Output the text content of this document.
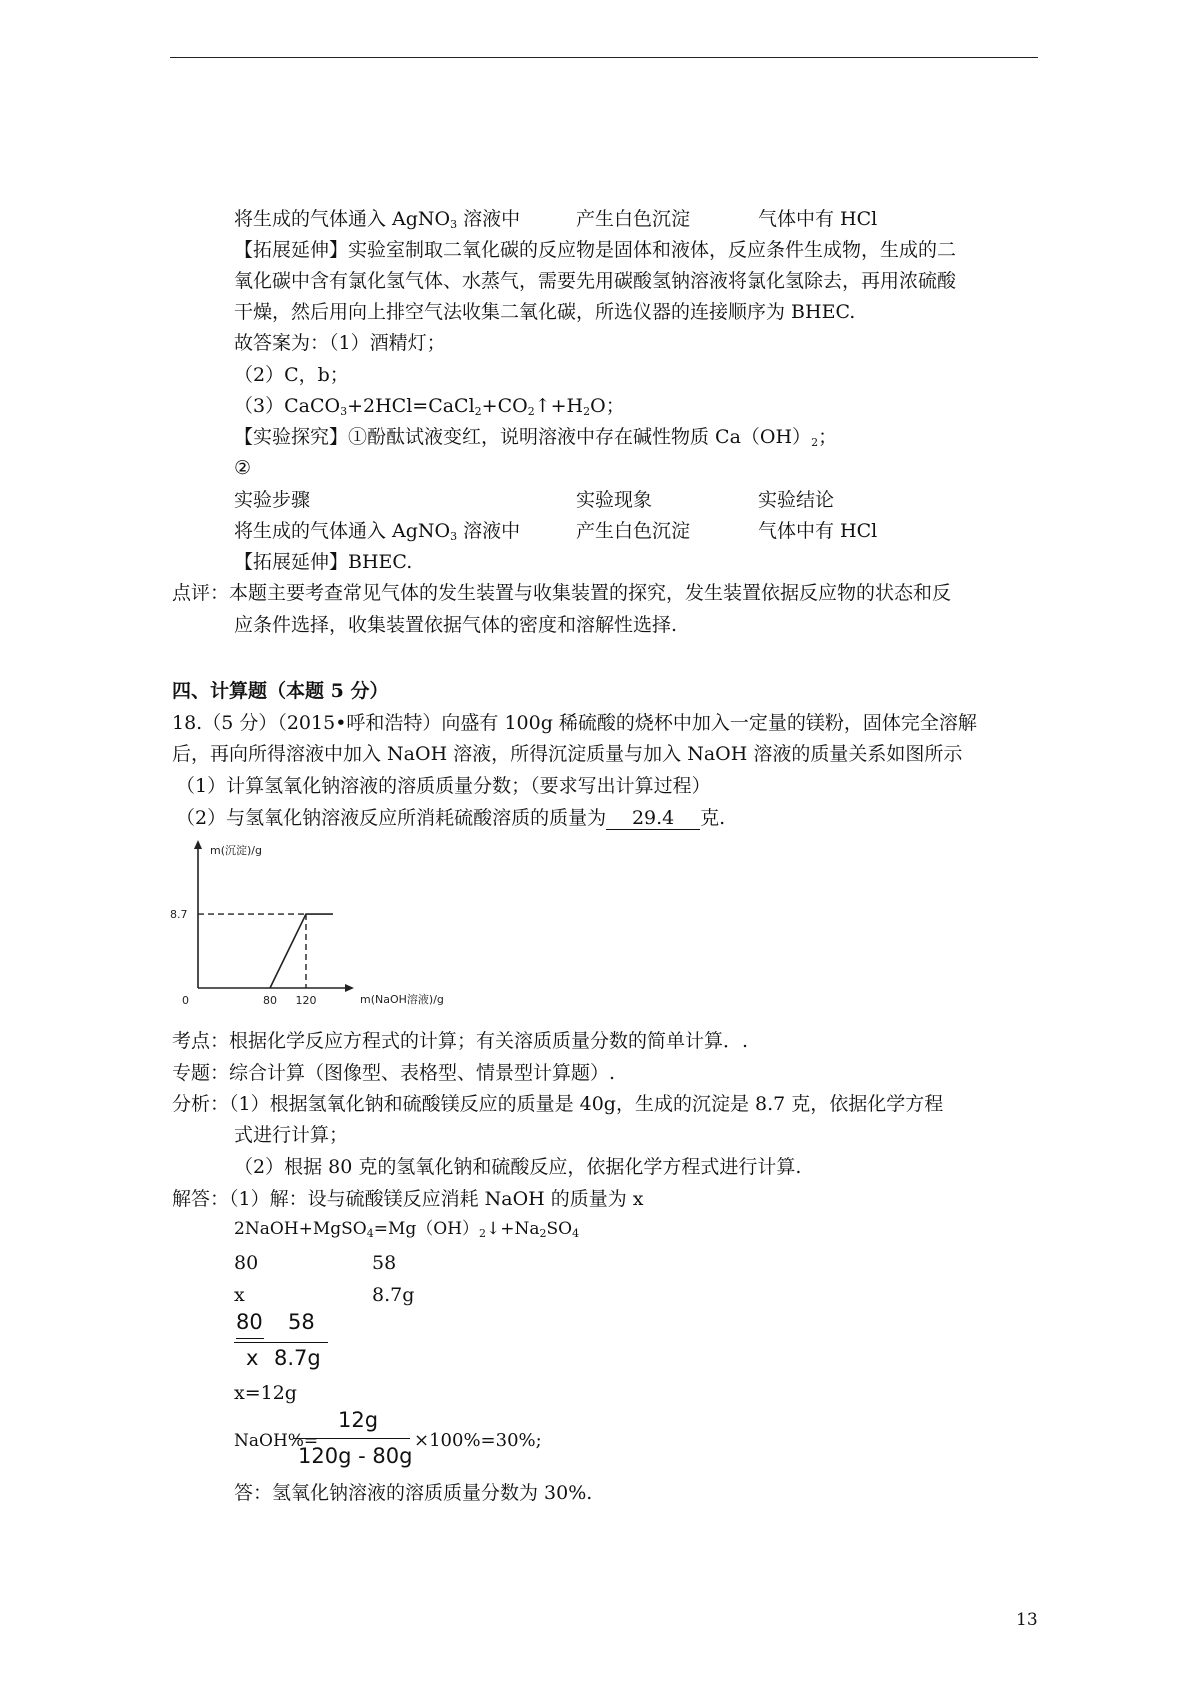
将生成的气体通入 AgNO$_3$ 溶液中	产生白色沉淀	气体中有 HCl
【拓展延伸】实验室制取二氧化碳的反应物是固体和液体，反应条件生成物，生成的二
氧化碳中含有氯化氢气体、水蒸气，需要先用碳酸氢钠溶液将氯化氢除去，再用浓硫酸
干燥，然后用向上排空气法收集二氧化碳，所选仪器的连接顺序为 BHEC.
故答案为：（1）酒精灯；
（2）C，b；
$(3)CaCO_3+2HCl=CaCl_2+CO_2↑+H_2O$；
【实验探究】①酚酞试液变红，说明溶液中存在碱性物质 $Ca(OH)_2$；
②
实验步骤	实验现象	实验结论
将生成的气体通入 AgNO$_3$ 溶液中	产生白色沉淀	气体中有 HCl
【拓展延伸】BHEC.
点评：本题主要考查常见气体的发生装置与收集装置的探究，发生装置依据反应物的状态和反
应条件选择，收集装置依据气体的密度和溶解性选择.
四、计算题（本题 5 分）
18.（5 分）（2015•呼和浩特）向盛有 100g 稀硫酸的烧杯中加入一定量的镁粉，固体完全溶解
后，再向所得溶液中加入 NaOH 溶液，所得沉淀质量与加入 NaOH 溶液的质量关系如图所示
（1）计算氢氧化钠溶液的溶质质量分数；（要求写出计算过程）
（2）与氢氧化钠溶液反应所消耗硫酸溶质的质量为 29.4 克.
m(沉淀)/g
m(NaOH溶液)/g
0	80 120
8.7
考点：根据化学反应方程式的计算；有关溶质质量分数的简单计算．.
专题：综合计算（图像型、表格型、情景型计算题）.
分析：（1）根据氢氧化钠和硫酸镁反应的质量是 40g，生成的沉淀是 8.7 克，依据化学方程
式进行计算；
（2）根据 80 克的氢氧化钠和硫酸反应，依据化学方程式进行计算.
解答：（1）解：设与硫酸镁反应消耗 NaOH 的质量为 x
$2NaOH+MgSO_4=Mg(OH)_2↓+Na_2SO_4$
80	58
x	8.7g
80 58
x 8.7g
x=12g
NaOH%=
12g
120g - 80g
×100%=30%;
答：氢氧化钠溶液的溶质质量分数为 30%.
13
